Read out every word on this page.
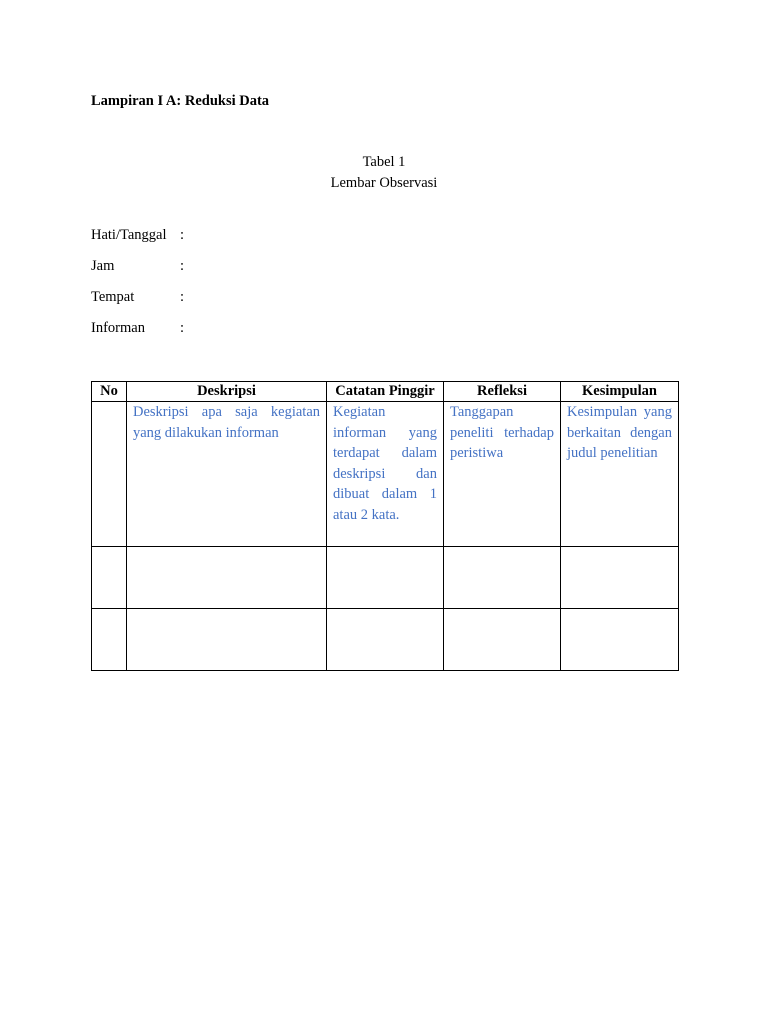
Lampiran I A: Reduksi Data
Tabel 1
Lembar Observasi
Hati/Tanggal :
Jam	:
Tempat	:
Informan :
No	Deskripsi	Catatan Pinggir	Refleksi	Kesimpulan
	Deskripsi apa saja kegiatan yang dilakukan informan	Kegiatan informan yang terdapat dalam deskripsi dan dibuat dalam 1 atau 2 kata.	Tanggapan peneliti terhadap peristiwa	Kesimpulan yang berkaitan dengan judul penelitian
